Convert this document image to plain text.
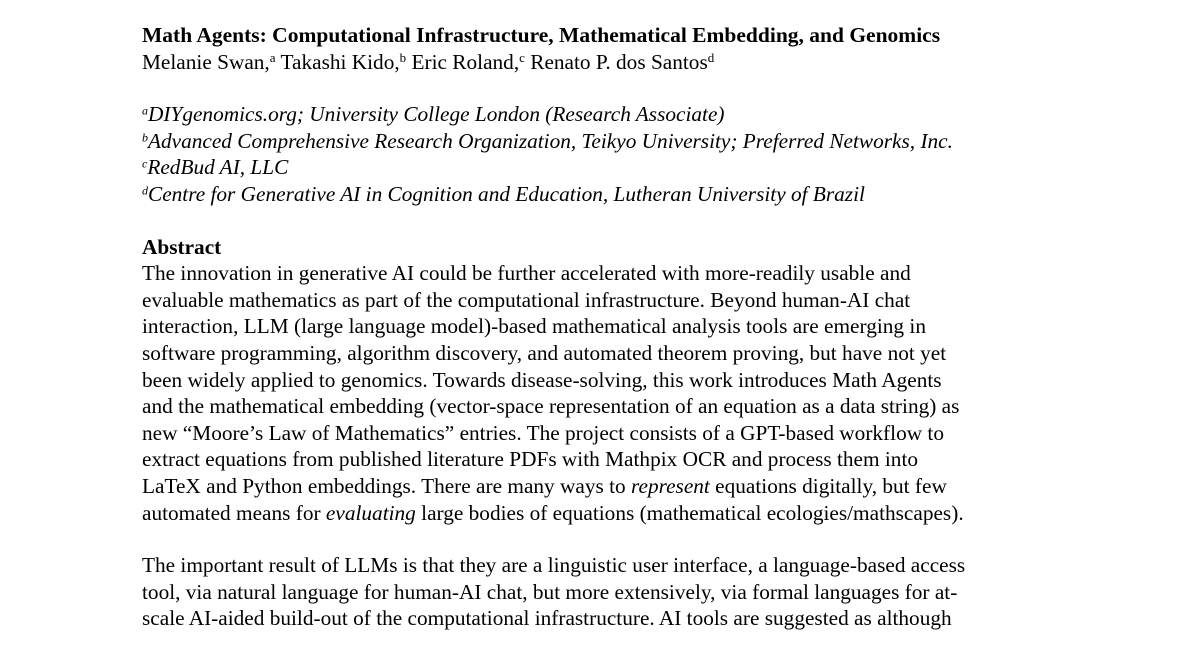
Math Agents: Computational Infrastructure, Mathematical Embedding, and Genomics
Melanie Swan,$^a$ Takashi Kido,$^b$ Eric Roland,$^c$ Renato P. dos Santos$^d$
$^a$DIYgenomics.org; University College London (Research Associate)
$^b$Advanced Comprehensive Research Organization, Teikyo University; Preferred Networks, Inc.
$^c$RedBud AI, LLC
$^d$Centre for Generative AI in Cognition and Education, Lutheran University of Brazil
Abstract
The innovation in generative AI could be further accelerated with more-readily usable and
evaluable mathematics as part of the computational infrastructure. Beyond human-AI chat
interaction, LLM (large language model)-based mathematical analysis tools are emerging in
software programming, algorithm discovery, and automated theorem proving, but have not yet
been widely applied to genomics. Towards disease-solving, this work introduces Math Agents
and the mathematical embedding (vector-space representation of an equation as a data string) as
new “Moore’s Law of Mathematics” entries. The project consists of a GPT-based workflow to
extract equations from published literature PDFs with Mathpix OCR and process them into
LaTeX and Python embeddings. There are many ways to represent equations digitally, but few
automated means for evaluating large bodies of equations (mathematical ecologies/mathscapes).
The important result of LLMs is that they are a linguistic user interface, a language-based access
tool, via natural language for human-AI chat, but more extensively, via formal languages for at-
scale AI-aided build-out of the computational infrastructure. AI tools are suggested as although
